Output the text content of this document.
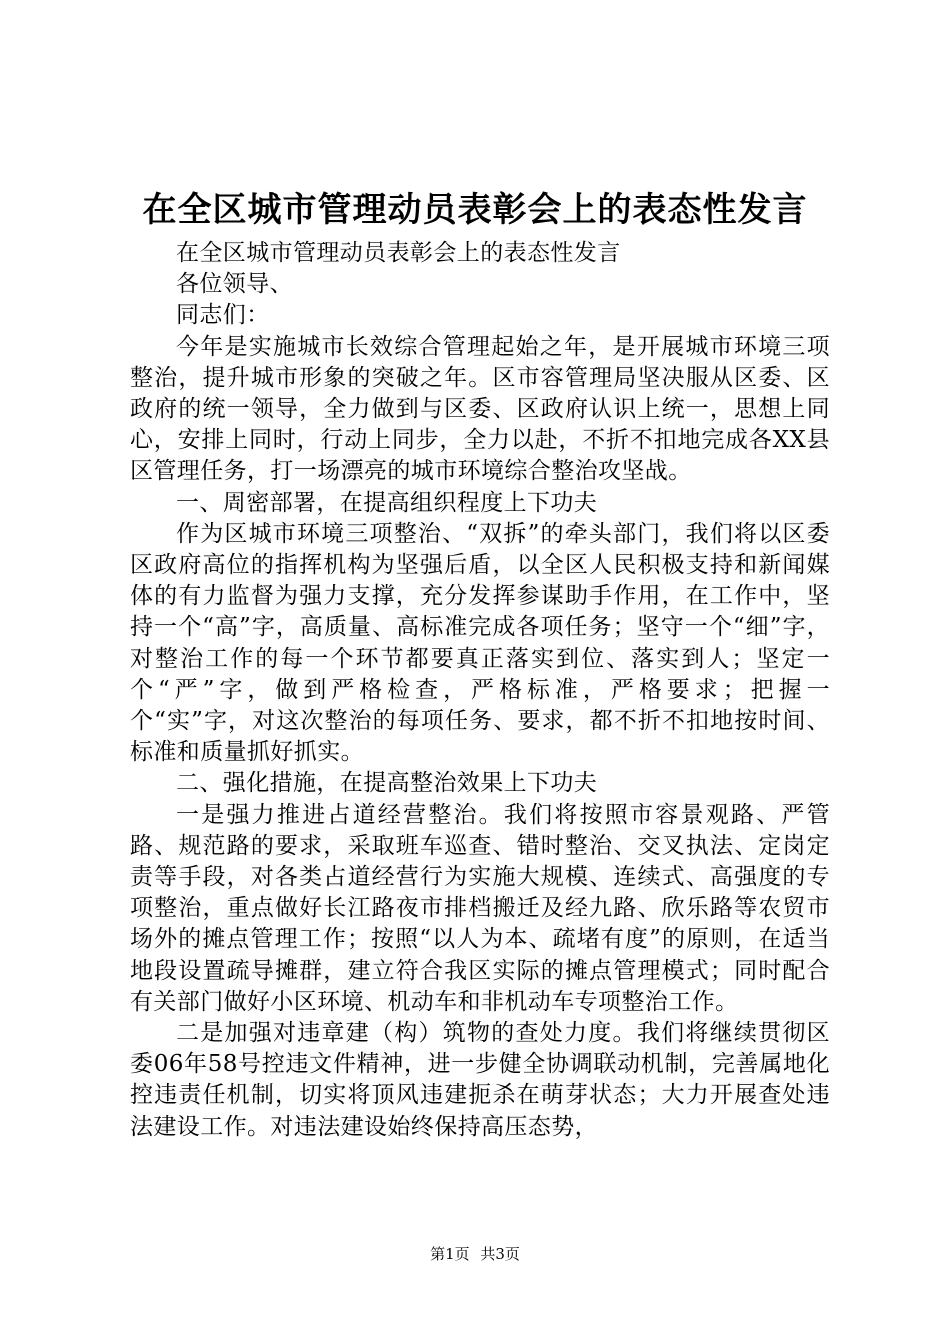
在全区城市管理动员表彰会上的表态性发言

在全区城市管理动员表彰会上的表态性发言

各位领导、

同志们：

今年是实施城市长效综合管理起始之年，是开展城市环境三项整治，提升城市形象的突破之年。区市容管理局坚决服从区委、区政府的统一领导，全力做到与区委、区政府认识上统一，思想上同心，安排上同时，行动上同步，全力以赴，不折不扣地完成各XX县区管理任务，打一场漂亮的城市环境综合整治攻坚战。

一、周密部署，在提高组织程度上下功夫

作为区城市环境三项整治、“双拆”的牵头部门，我们将以区委区政府高位的指挥机构为坚强后盾，以全区人民积极支持和新闻媒体的有力监督为强力支撑，充分发挥参谋助手作用，在工作中，坚持一个“高”字，高质量、高标准完成各项任务；坚守一个“细”字，对整治工作的每一个环节都要真正落实到位、落实到人；坚定一个“严”字，做到严格检查，严格标准，严格要求；把握一个“实”字，对这次整治的每项任务、要求，都不折不扣地按时间、标准和质量抓好抓实。

二、强化措施，在提高整治效果上下功夫

一是强力推进占道经营整治。我们将按照市容景观路、严管路、规范路的要求，采取班车巡查、错时整治、交叉执法、定岗定责等手段，对各类占道经营行为实施大规模、连续式、高强度的专项整治，重点做好长江路夜市排档搬迁及经九路、欣乐路等农贸市场外的摊点管理工作；按照“以人为本、疏堵有度”的原则，在适当地段设置疏导摊群，建立符合我区实际的摊点管理模式；同时配合有关部门做好小区环境、机动车和非机动车专项整治工作。

二是加强对违章建（构）筑物的查处力度。我们将继续贯彻区委06年58号控违文件精神，进一步健全协调联动机制，完善属地化控违责任机制，切实将顶风违建扼杀在萌芽状态；大力开展查处违法建设工作。对违法建设始终保持高压态势，

第1页 共3页
